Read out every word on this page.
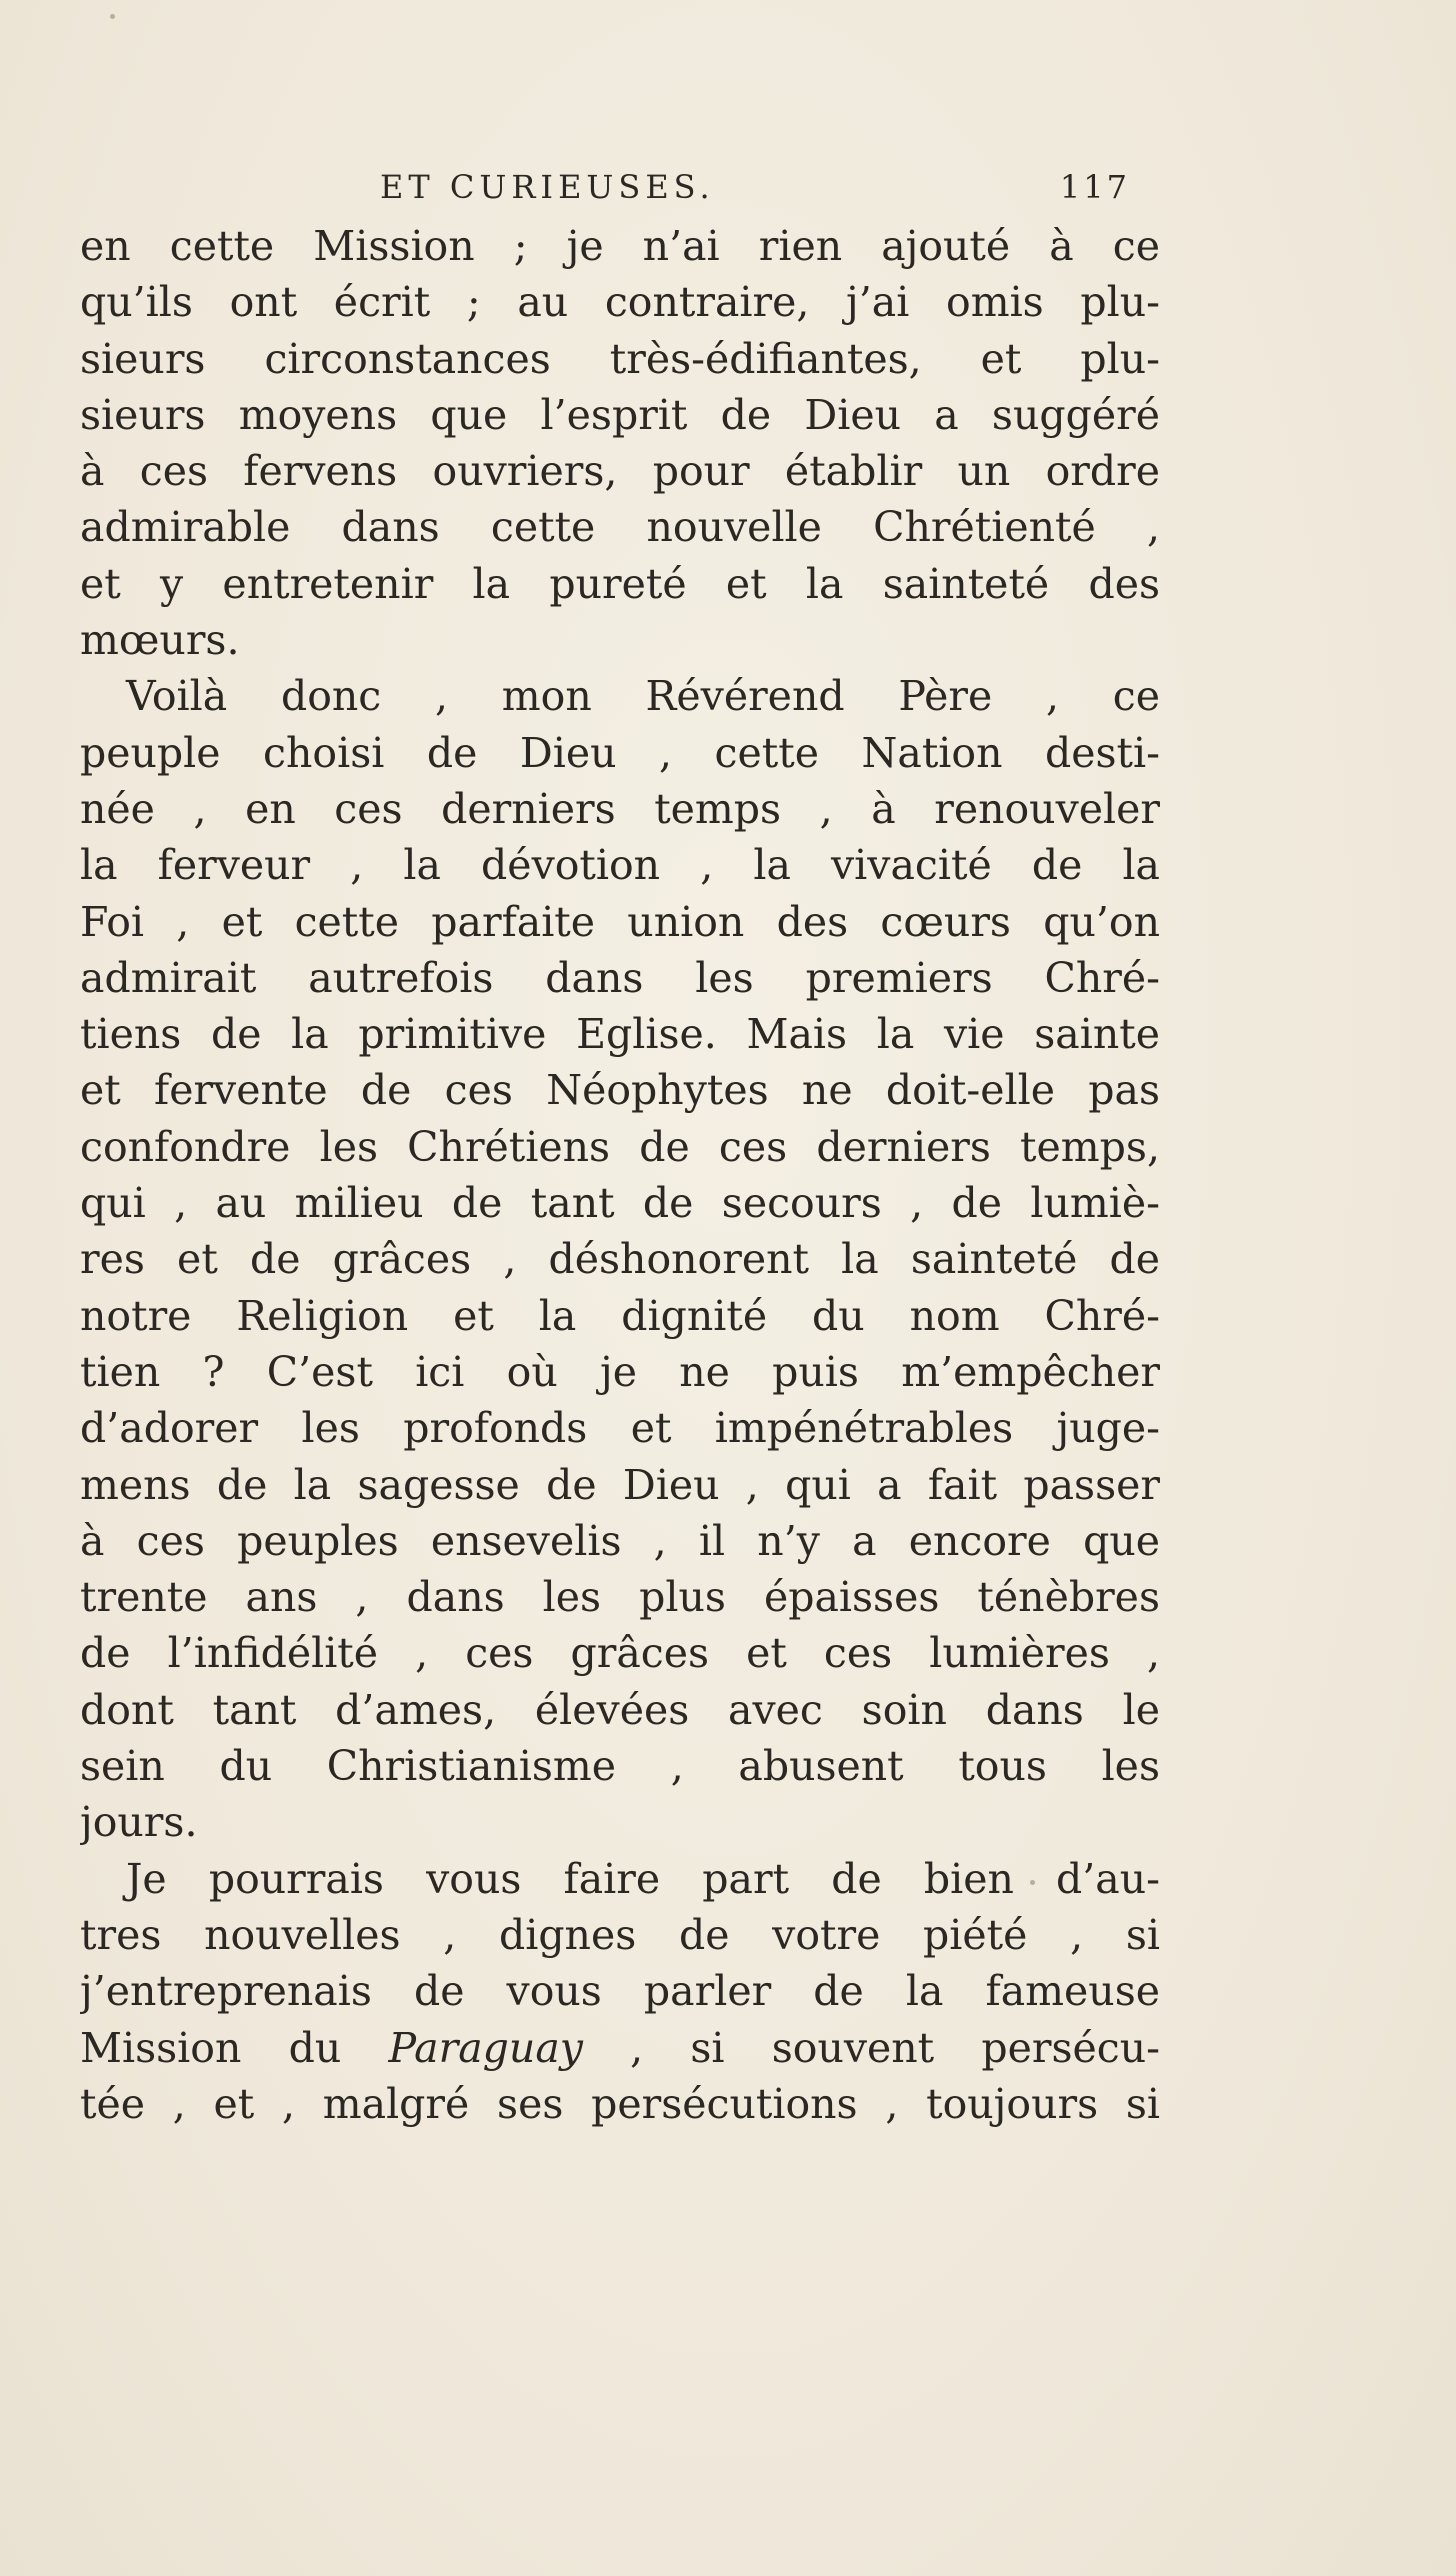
ET CURIEUSES.	117
en cette Mission ; je n’ai rien ajouté à ce
qu’ils ont écrit ; au contraire, j’ai omis plu-
sieurs circonstances très-édifiantes, et plu-
sieurs moyens que l’esprit de Dieu a suggéré
à ces fervens ouvriers, pour établir un ordre
admirable dans cette nouvelle Chrétienté ,
et y entretenir la pureté et la sainteté des
mœurs.
Voilà donc , mon Révérend Père , ce
peuple choisi de Dieu , cette Nation desti-
née , en ces derniers temps , à renouveler
la ferveur , la dévotion , la vivacité de la
Foi , et cette parfaite union des cœurs qu’on
admirait autrefois dans les premiers Chré-
tiens de la primitive Eglise. Mais la vie sainte
et fervente de ces Néophytes ne doit-elle pas
confondre les Chrétiens de ces derniers temps,
qui , au milieu de tant de secours , de lumiè-
res et de grâces , déshonorent la sainteté de
notre Religion et la dignité du nom Chré-
tien ? C’est ici où je ne puis m’empêcher
d’adorer les profonds et impénétrables juge-
mens de la sagesse de Dieu , qui a fait passer
à ces peuples ensevelis , il n’y a encore que
trente ans , dans les plus épaisses ténèbres
de l’infidélité , ces grâces et ces lumières ,
dont tant d’ames, élevées avec soin dans le
sein du Christianisme , abusent tous les
jours.
Je pourrais vous faire part de bien d’au-
tres nouvelles , dignes de votre piété , si
j’entreprenais de vous parler de la fameuse
Mission du Paraguay , si souvent persécu-
tée , et , malgré ses persécutions , toujours si
